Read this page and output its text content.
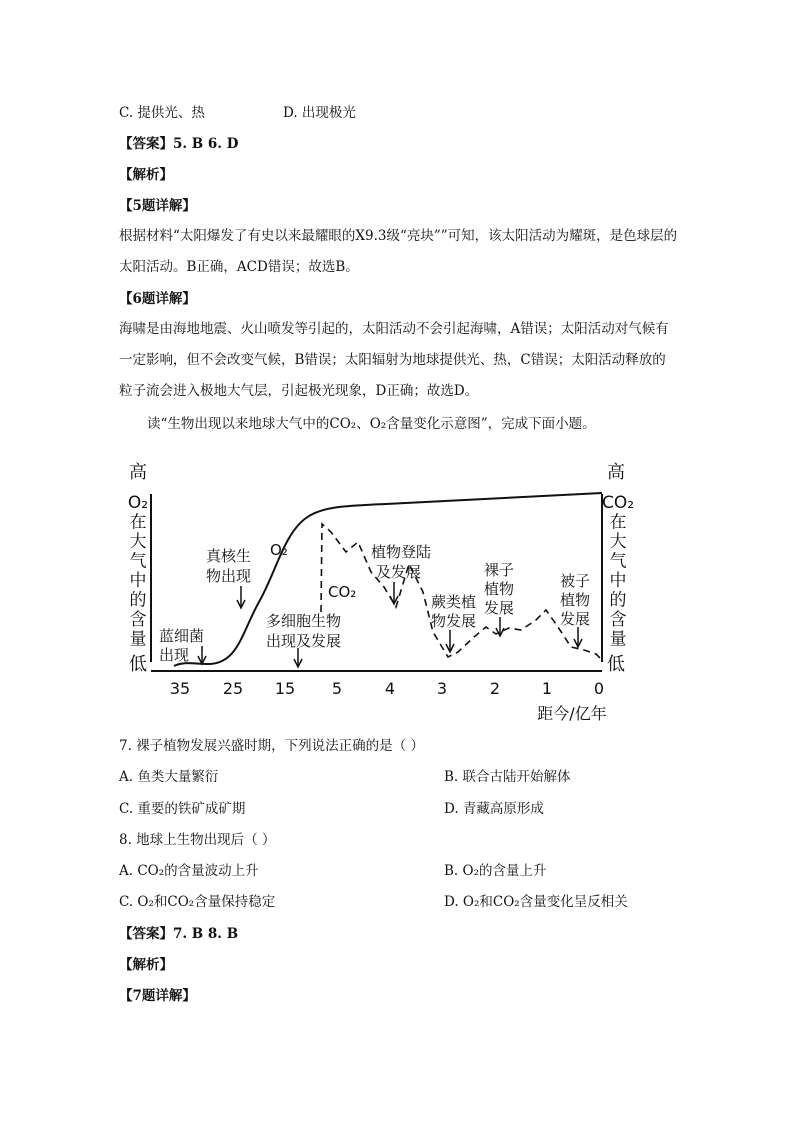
C. 提供光、热	D. 出现极光
【答案】5. B 6. D
【解析】
【5题详解】
根据材料“太阳爆发了有史以来最耀眼的X9.3级“亮块””可知，该太阳活动为耀斑，是色球层的太阳活动。B正确，ACD错误；故选B。
【6题详解】
海啸是由海地地震、火山喷发等引起的，太阳活动不会引起海啸，A错误；太阳活动对气候有一定影响，但不会改变气候，B错误；太阳辐射为地球提供光、热，C错误；太阳活动释放的粒子流会进入极地大气层，引起极光现象，D正确；故选D。
读“生物出现以来地球大气中的CO₂、O₂含量变化示意图”，完成下面小题。
高
O₂
在
大
气
中
的
含
量
低
高
CO₂
在
大
气
中
的
含
量
低
35 25 15 5	4	3	2	1	0
距今/亿年
O₂
CO₂
蓝细菌
出现
真核生
物出现
多细胞生物
出现及发展
植物登陆
及发展
蕨类植
物发展
裸子
植物
发展
被子
植物
发展
7. 裸子植物发展兴盛时期，下列说法正确的是（ ）
A. 鱼类大量繁衍	B. 联合古陆开始解体
C. 重要的铁矿成矿期	D. 青藏高原形成
8. 地球上生物出现后（ ）
A. CO₂的含量波动上升	B. O₂的含量上升
C. O₂和CO₂含量保持稳定	D. O₂和CO₂含量变化呈反相关
【答案】7. B 8. B
【解析】
【7题详解】
